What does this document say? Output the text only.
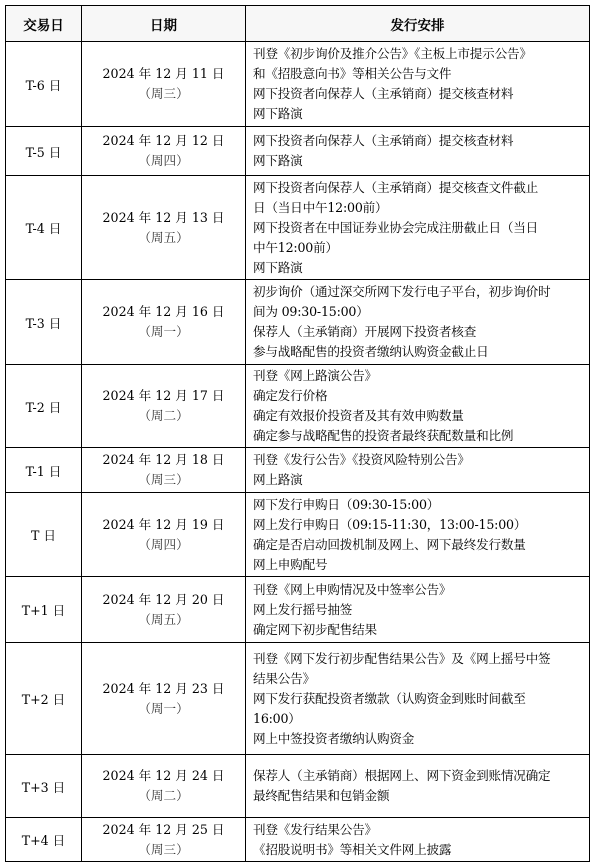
交易日	日期	发行安排
T-6 日	2024 年 12 月 11 日
（周三）	刊登《初步询价及推介公告》《主板上市提示公告》
和《招股意向书》等相关公告与文件
网下投资者向保荐人（主承销商）提交核查材料
网下路演

T-5 日	2024 年 12 月 12 日
（周四）	网下投资者向保荐人（主承销商）提交核查材料
网下路演

T-4 日	2024 年 12 月 13 日
（周五）	网下投资者向保荐人（主承销商）提交核查文件截止
日（当日中午12:00前）
网下投资者在中国证券业协会完成注册截止日（当日
中午12:00前）
网下路演

T-3 日	2024 年 12 月 16 日
（周一）	初步询价（通过深交所网下发行电子平台，初步询价时
间为 09:30-15:00）
保荐人（主承销商）开展网下投资者核查
参与战略配售的投资者缴纳认购资金截止日

T-2 日	2024 年 12 月 17 日
（周二）	刊登《网上路演公告》
确定发行价格
确定有效报价投资者及其有效申购数量
确定参与战略配售的投资者最终获配数量和比例

T-1 日	2024 年 12 月 18 日
（周三）	刊登《发行公告》《投资风险特别公告》
网上路演

T 日	2024 年 12 月 19 日
（周四）	网下发行申购日（09:30-15:00）
网上发行申购日（09:15-11:30，13:00-15:00）
确定是否启动回拨机制及网上、网下最终发行数量
网上申购配号

T+1 日	2024 年 12 月 20 日
（周五）	刊登《网上申购情况及中签率公告》
网上发行摇号抽签
确定网下初步配售结果

T+2 日	2024 年 12 月 23 日
（周一）	刊登《网下发行初步配售结果公告》及《网上摇号中签
结果公告》
网下发行获配投资者缴款（认购资金到账时间截至
16:00）
网上中签投资者缴纳认购资金

T+3 日	2024 年 12 月 24 日
（周二）	保荐人（主承销商）根据网上、网下资金到账情况确定
最终配售结果和包销金额

T+4 日	2024 年 12 月 25 日
（周三）	刊登《发行结果公告》
《招股说明书》等相关文件网上披露
